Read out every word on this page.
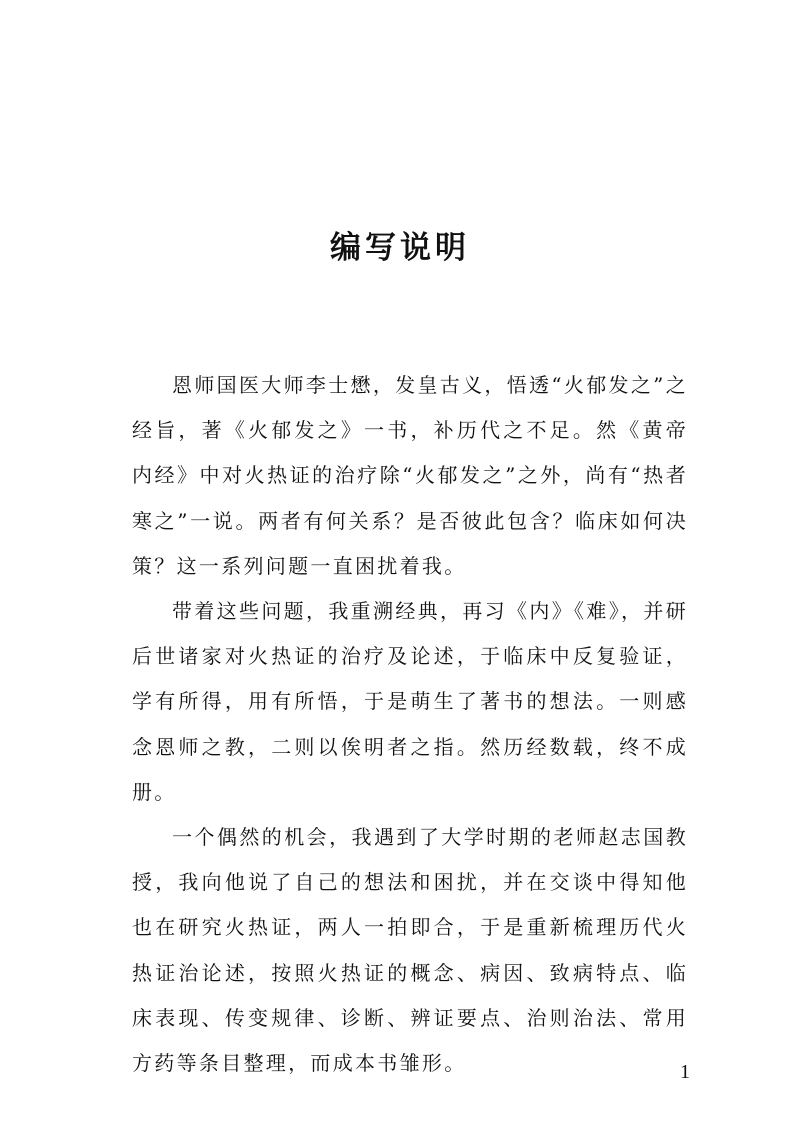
编写说明

恩师国医大师李士懋，发皇古义，悟透“火郁发之”之经旨，著《火郁发之》一书，补历代之不足。然《黄帝内经》中对火热证的治疗除“火郁发之”之外，尚有“热者寒之”一说。两者有何关系？是否彼此包含？临床如何决策？这一系列问题一直困扰着我。

带着这些问题，我重溯经典，再习《内》《难》，并研后世诸家对火热证的治疗及论述，于临床中反复验证，学有所得，用有所悟，于是萌生了著书的想法。一则感念恩师之教，二则以俟明者之指。然历经数载，终不成册。

一个偶然的机会，我遇到了大学时期的老师赵志国教授，我向他说了自己的想法和困扰，并在交谈中得知他也在研究火热证，两人一拍即合，于是重新梳理历代火热证治论述，按照火热证的概念、病因、致病特点、临床表现、传变规律、诊断、辨证要点、治则治法、常用方药等条目整理，而成本书雏形。	1
